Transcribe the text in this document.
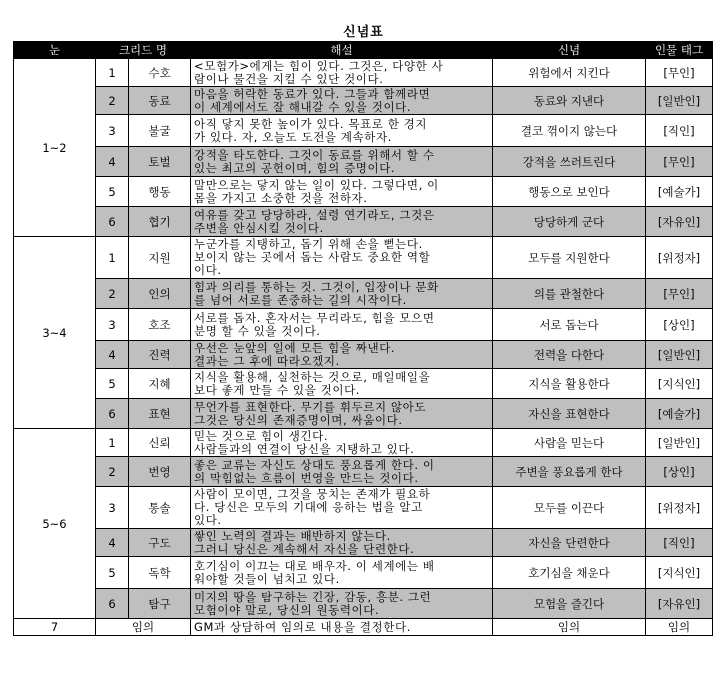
신념표
눈	크리드 명		해설	신념	인물 태그
1~2	1	수호	<모험가>에게는 힘이 있다. 그것은, 다양한 사
람이나 물건을 지킬 수 있단 것이다.	위험에서 지킨다	[무인]
	2	동료	마음을 허락한 동료가 있다. 그들과 함께라면
이 세계에서도 잘 해내갈 수 있을 것이다.	동료와 지낸다	[일반인]
	3	불굴	아직 닿지 못한 높이가 있다. 목표로 한 경지
가 있다. 자, 오늘도 도전을 계속하자.	결코 꺾이지 않는다	[직인]
	4	토벌	강적을 타도한다. 그것이 동료를 위해서 할 수
있는 최고의 공헌이며, 힘의 증명이다.	강적을 쓰러트린다	[무인]
	5	행동	말만으로는 닿지 않는 일이 있다. 그렇다면, 이
몸을 가지고 소중한 것을 전하자.	행동으로 보인다	[예술가]
	6	협기	여유를 갖고 당당하라, 설령 연기라도, 그것은
주변을 안심시킬 것이다.	당당하게 군다	[자유인]
3~4	1	지원	누군가를 지탱하고, 돕기 위해 손을 뻗는다.
보이지 않는 곳에서 돕는 사람도 중요한 역할
이다.	모두를 지원한다	[위정자]
	2	인의	힘과 의리를 통하는 것. 그것이, 입장이나 문화
를 넘어 서로를 존중하는 길의 시작이다.	의를 관철한다	[무인]
	3	호조	서로를 돕자. 혼자서는 무리라도, 힘을 모으면
분명 할 수 있을 것이다.	서로 돕는다	[상인]
	4	진력	우선은 눈앞의 일에 모든 힘을 짜낸다.
결과는 그 후에 따라오겠지.	전력을 다한다	[일반인]
	5	지혜	지식을 활용해, 실천하는 것으로, 매일매일을
보다 좋게 만들 수 있을 것이다.	지식을 활용한다	[지식인]
	6	표현	무언가를 표현한다. 무기를 휘두르지 않아도
그것은 당신의 존재증명이며, 싸움이다.	자신을 표현한다	[예술가]
5~6	1	신뢰	믿는 것으로 힘이 생긴다.
사람들과의 연결이 당신을 지탱하고 있다.	사람을 믿는다	[일반인]
	2	번영	좋은 교류는 자신도 상대도 풍요롭게 한다. 이
의 막힘없는 흐름이 번영을 만드는 것이다.	주변을 풍요롭게 한다	[상인]
	3	통솔	사람이 모이면, 그것을 뭉치는 존재가 필요하
다. 당신은 모두의 기대에 응하는 법을 알고
있다.	모두를 이끈다	[위정자]
	4	구도	쌓인 노력의 결과는 배반하지 않는다.
그러니 당신은 계속해서 자신을 단련한다.	자신을 단련한다	[직인]
	5	독학	호기심이 이끄는 대로 배우자. 이 세계에는 배
워야할 것들이 넘치고 있다.	호기심을 채운다	[지식인]
	6	탐구	미지의 땅을 탐구하는 긴장, 감동, 흥분. 그런
모험이야 말로, 당신의 원동력이다.	모험을 즐긴다	[자유인]
7	임의		GM과 상담하여 임의로 내용을 결정한다.	임의	임의
